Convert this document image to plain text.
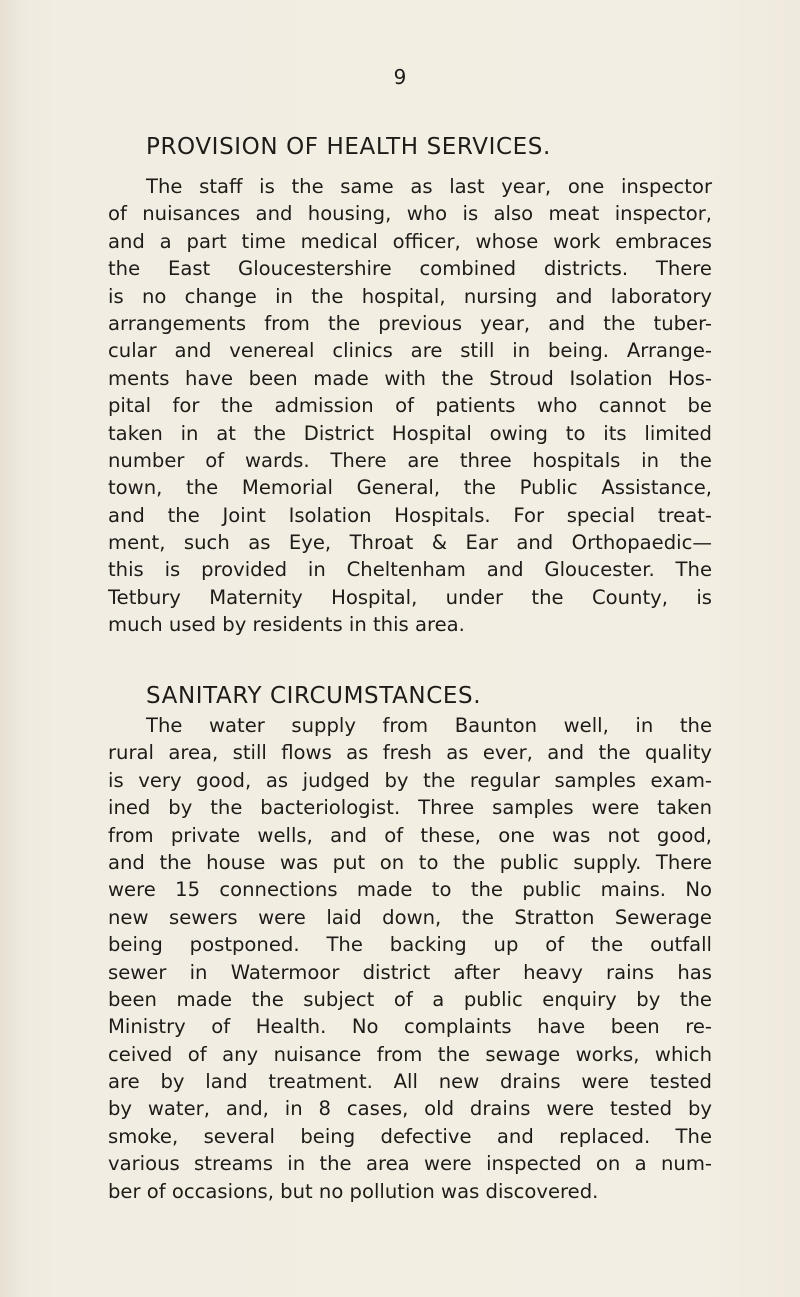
9
PROVISION OF HEALTH SERVICES.
The staff is the same as last year, one inspector
of nuisances and housing, who is also meat inspector,
and a part time medical officer, whose work embraces
the East Gloucestershire combined districts. There
is no change in the hospital, nursing and laboratory
arrangements from the previous year, and the tuber-
cular and venereal clinics are still in being. Arrange-
ments have been made with the Stroud Isolation Hos-
pital for the admission of patients who cannot be
taken in at the District Hospital owing to its limited
number of wards. There are three hospitals in the
town, the Memorial General, the Public Assistance,
and the Joint Isolation Hospitals. For special treat-
ment, such as Eye, Throat & Ear and Orthopaedic—
this is provided in Cheltenham and Gloucester. The
Tetbury Maternity Hospital, under the County, is
much used by residents in this area.
SANITARY CIRCUMSTANCES.
The water supply from Baunton well, in the
rural area, still flows as fresh as ever, and the quality
is very good, as judged by the regular samples exam-
ined by the bacteriologist. Three samples were taken
from private wells, and of these, one was not good,
and the house was put on to the public supply. There
were 15 connections made to the public mains. No
new sewers were laid down, the Stratton Sewerage
being postponed. The backing up of the outfall
sewer in Watermoor district after heavy rains has
been made the subject of a public enquiry by the
Ministry of Health. No complaints have been re-
ceived of any nuisance from the sewage works, which
are by land treatment. All new drains were tested
by water, and, in 8 cases, old drains were tested by
smoke, several being defective and replaced. The
various streams in the area were inspected on a num-
ber of occasions, but no pollution was discovered.
